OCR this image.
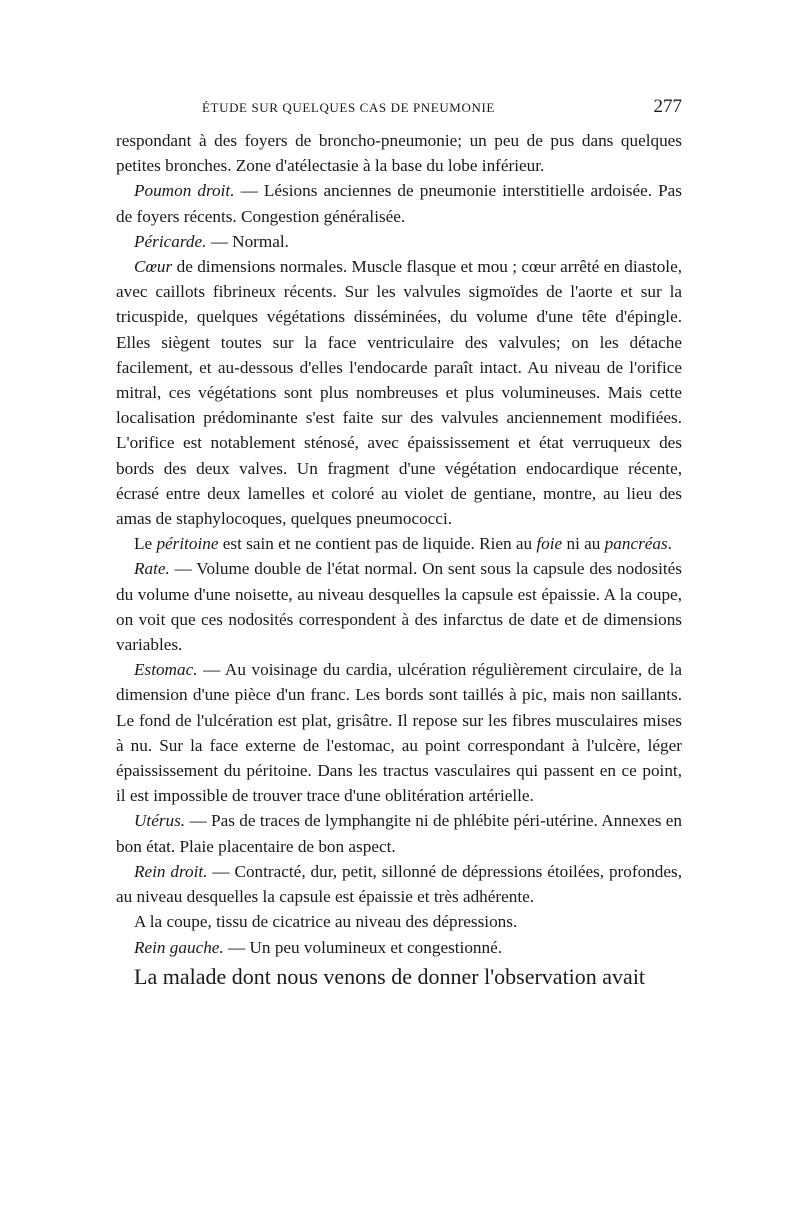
ÉTUDE SUR QUELQUES CAS DE PNEUMONIE	277

respondant à des foyers de broncho-pneumonie; un peu de pus dans quelques petites bronches. Zone d'atélectasie à la base du lobe inférieur.

Poumon droit. — Lésions anciennes de pneumonie interstitielle ardoisée. Pas de foyers récents. Congestion généralisée.

Péricarde. — Normal.

Cœur de dimensions normales. Muscle flasque et mou ; cœur arrêté en diastole, avec caillots fibrineux récents. Sur les valvules sigmoïdes de l'aorte et sur la tricuspide, quelques végétations disséminées, du volume d'une tête d'épingle. Elles siègent toutes sur la face ventriculaire des valvules; on les détache facilement, et au-dessous d'elles l'endocarde paraît intact. Au niveau de l'orifice mitral, ces végétations sont plus nombreuses et plus volumineuses. Mais cette localisation prédominante s'est faite sur des valvules anciennement modifiées. L'orifice est notablement sténosé, avec épaississement et état verruqueux des bords des deux valves. Un fragment d'une végétation endocardique récente, écrasé entre deux lamelles et coloré au violet de gentiane, montre, au lieu des amas de staphylocoques, quelques pneumococci.

Le péritoine est sain et ne contient pas de liquide. Rien au foie ni au pancréas.

Rate. — Volume double de l'état normal. On sent sous la capsule des nodosités du volume d'une noisette, au niveau desquelles la capsule est épaissie. A la coupe, on voit que ces nodosités correspondent à des infarctus de date et de dimensions variables.

Estomac. — Au voisinage du cardia, ulcération régulièrement circulaire, de la dimension d'une pièce d'un franc. Les bords sont taillés à pic, mais non saillants. Le fond de l'ulcération est plat, grisâtre. Il repose sur les fibres musculaires mises à nu. Sur la face externe de l'estomac, au point correspondant à l'ulcère, léger épaississement du péritoine. Dans les tractus vasculaires qui passent en ce point, il est impossible de trouver trace d'une oblitération artérielle.

Utérus. — Pas de traces de lymphangite ni de phlébite péri-utérine. Annexes en bon état. Plaie placentaire de bon aspect.

Rein droit. — Contracté, dur, petit, sillonné de dépressions étoilées, profondes, au niveau desquelles la capsule est épaissie et très adhérente.

A la coupe, tissu de cicatrice au niveau des dépressions.

Rein gauche. — Un peu volumineux et congestionné.

La malade dont nous venons de donner l'observation avait
